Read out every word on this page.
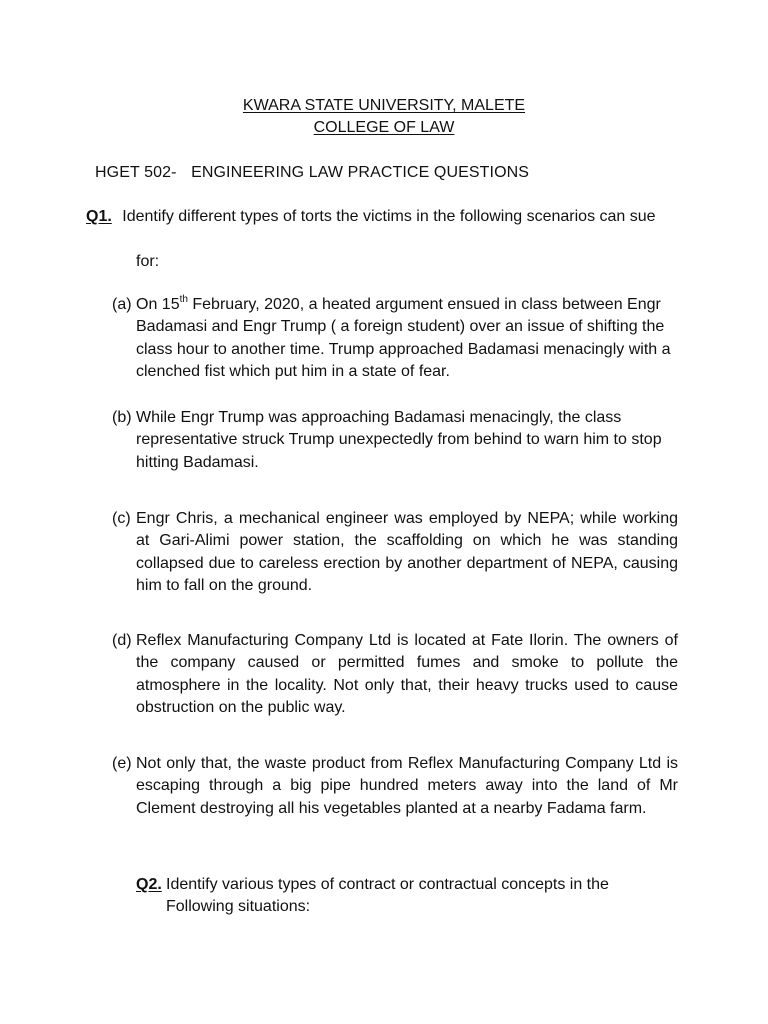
KWARA STATE UNIVERSITY, MALETE
COLLEGE OF LAW
HGET 502- ENGINEERING LAW PRACTICE QUESTIONS
Q1. Identify different types of torts the victims in the following scenarios can sue
for:
(a) On 15th February, 2020, a heated argument ensued in class between Engr Badamasi and Engr Trump ( a foreign student) over an issue of shifting the class hour to another time. Trump approached Badamasi menacingly with a clenched fist which put him in a state of fear.
(b) While Engr Trump was approaching Badamasi menacingly, the class representative struck Trump unexpectedly from behind to warn him to stop hitting Badamasi.
(c) Engr Chris, a mechanical engineer was employed by NEPA; while working at Gari-Alimi power station, the scaffolding on which he was standing collapsed due to careless erection by another department of NEPA, causing him to fall on the ground.
(d) Reflex Manufacturing Company Ltd is located at Fate Ilorin. The owners of the company caused or permitted fumes and smoke to pollute the atmosphere in the locality. Not only that, their heavy trucks used to cause obstruction on the public way.
(e) Not only that, the waste product from Reflex Manufacturing Company Ltd is escaping through a big pipe hundred meters away into the land of Mr Clement destroying all his vegetables planted at a nearby Fadama farm.
Q2. Identify various types of contract or contractual concepts in the Following situations:
